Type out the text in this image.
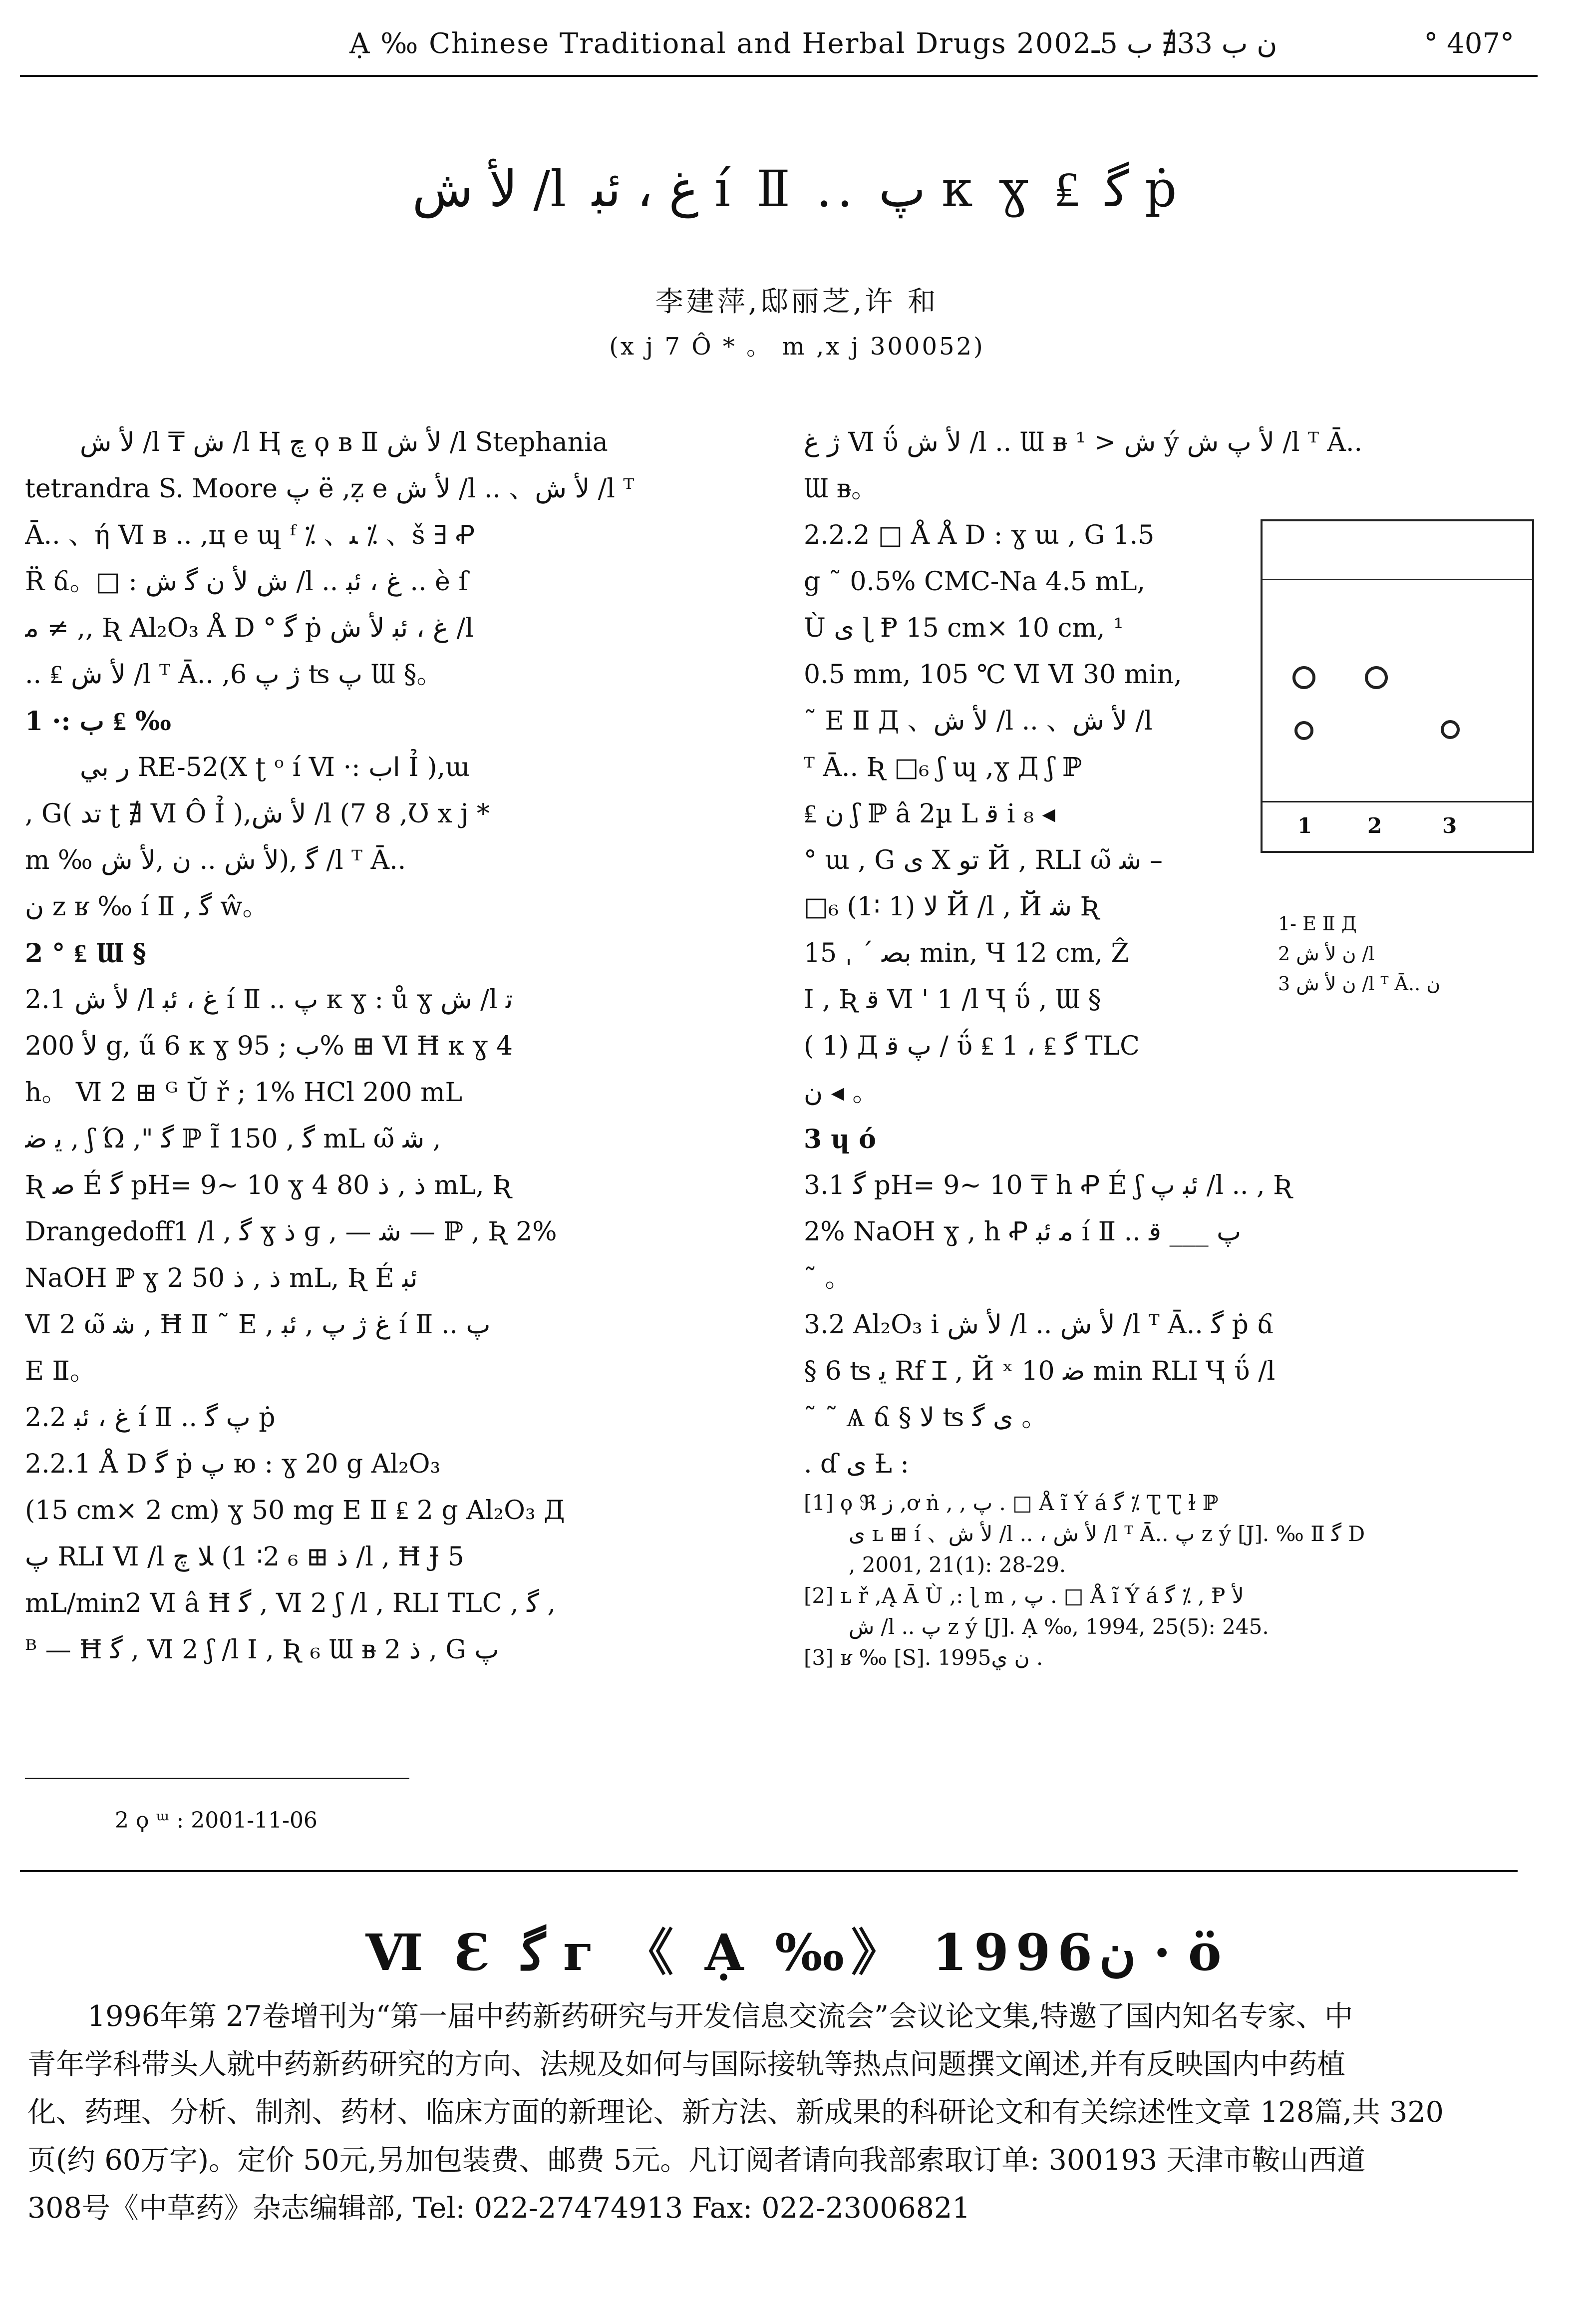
Ạ ‰ Chinese Traditional and Herbal Drugs 2002ن ب 33∄ ب 5ـ	° 407°
ﻷ ش /l غ ، ﺋﺒ í Ⅱ .. پ к ɣ ₤ ﮔ ṗ
李建萍,邸丽芝,许 和
(x j 7 Ô * 。 m ,x j 300052)
ﻷ ش /l ₸ ش /l Ⱨ چ ϙ в Ⅱ ﻷ ش /l Stephania
tetrandra S. Moore پ ë ,ẓ e ﻷ ش /l .. 、ﻷ ش /l ᵀ
Ā.. 、ή Ⅵ в .. ,ц e ɰ ᶠ ⁒ 、ﯩ ⁒ 、š ∃ Ꝓ
R̈ ճ。□ : ش ﻷ ن ﮔ ش /l .. غ ، ﺋﺒ .. è ſ
ﻣ ≠ ,, Ʀ Al₂O₃ Å D ° ﮔ ṗ غ ، ﺋﺒ ﻷ ش /l
.. ₤ ﻷ ش /l ᵀ Ā.. ,ژ پ 6 ʦ پ Ɯ §。
1 ·: ب ₤ ‰
ﺭ ﺑﻲ RE-52(X ʈ ᵒ í Ⅵ ·: ﺍﺏ Ỉ ),ɯ
, G( ﺗﺪ ʈ ∄ Ⅵ Ô Ỉ ),ﻷ ش /l (7 8 ,Ʊ x j *
m ‰ ﮔ ,(ﻷ ش .. ن ,ﻷ ش /l ᵀ Ā..
ن z ʁ ‰ í Ⅱ , ﮔ ŵ。
2 ° ₤ Ɯ §
2.1 ﻷ ش /l غ ، ﺋﺒ í Ⅱ .. پ к ɣ : ů ɣ ش /l ﺗ
ﻷ 200 g, ű 6 к ɣ ب ; 95% ⊞ Ⅵ Ħ к ɣ 4
h。 Ⅵ 2 ⊞ ᴳ Ŭ ř ; 1% HCl 200 mL
ﻳ ﺿ , ʃ Ώ ," ﮔ ℙ Ĩ ﮔ , 150 mL ω̃ ﺷ ,
Ʀ ﺻ É ﮔ pH= 9~ 10 ɣ 4 ذ , ذ 80 mL, Ʀ
Drangedoff1 /l , ﮔ ɣ ﺫ ɡ , — ﺷ — ℙ , Ʀ 2%
NaOH ℙ ɣ 2 ذ , ذ 50 mL, Ʀ É ﺋﺒ
Ⅵ 2 ω̃ ﺷ , Ħ Ⅱ ˜ E , غ ژ پ , ﺋﺒ í Ⅱ .. پ
E Ⅱ。
2.2 غ ، ﺋﺒ í Ⅱ .. پ ﮔ ṗ
2.2.1 Å D ﮔ ṗ پ ю : ɣ 20 g Al₂O₃
(15 cm× 2 cm) ɣ 50 mg E Ⅱ ₤ 2 g Al₂O₃ Д
ﭖ RLI Ⅵ /l ﺫ ⊞ ₆ 2∶ 1) ﻼ ﭺ /l , Ħ Ɉ 5
mL/min2 Ⅵ â Ħ ﮔ , Ⅵ 2 ʃ /l , RLI TLC , ﮔ ,
ᴮ — Ħ ﮔ , Ⅵ 2 ʃ /l Ⅰ , Ʀ ₆ Ɯ ᴃ 2 ذ , G پ
ژ غ Ⅵ ΰ ﻷ ش /l .. Ɯ ᴃ ¹ > ش ý ﻷ پ ش /l ᵀ Ā..
Ɯ ᴃ。
2.2.2 □ Å Å D : ɣ ɯ , G 1.5
g ˜ 0.5% CMC-Na 4.5 mL,
Ù ﻯ ɭ Ᵽ 15 cm× 10 cm, ¹
0.5 mm, 105 ℃ Ⅵ Ⅵ 30 min,
˜ E Ⅱ Д 、ﻷ ش /l .. 、ﻷ ش /l
ᵀ Ā.. Ʀ □₆ ʃ ɰ ,ɣ Д ʃ ℙ
₤ ن ʃ ℙ â 2µ L ﻗ i ₈ ◂
° ɯ , G ﻯ X ﺗﻮ Й , RLI ω̃ ﺷ –
□₆ (1∶ 1) ﻻ Й /l , Й ﺷ Ʀ
ﺑﺼ ˊ ˌ 15 min, Ч 12 cm, Ẑ
Ⅰ , Ʀ ﻗ Ⅵ ' 1 /l Ҷ ΰ , Ɯ §
( 1) Д ﭖ ﻗ / ΰ ₤ ﮔ ₤ ، 1 TLC
ن ◂ 。
3 ɥ ó
3.1 ﮔ pH= 9~ 10 ₸ h Ꝓ É ʃ ﺋﺒ پ /l .. , Ʀ
2% NaOH ɣ , h Ꝓ ﻣ ﺋﺒ í Ⅱ .. پ ___ ﻗ
˜ 。
3.2 Al₂O₃ i ﻷ ش /l .. ﻷ ش /l ᵀ Ā.. ﮔ ṗ ճ
§ 6 ʦ ﻳ Rf Ɪ , Й ˣ ﺿ 10 min RLI Ҷ ΰ /l
˜ ˜ Ѧ ճ § ﻻ ʦ ﻯ ﮔ 。
. ɗ ﻯ Ƚ :
[1] ϙ ℜ ﺯ ,ơ ṅ , , پ . □ Å ĩ Ý á ﮔ ⁒ Ʈ Ʈ ɫ ℙ
ﻯ ʟ ⊞ í 、ﻷ ش /l .. ، ﻷ ش /l ᵀ Ā.. پ z ý [J]. ‰ Ⅱ ﮔ D
, 2001, 21(1): 28-29.
[2] ʟ ř ,Ą Ā Ù ,: ɭ m , پ . □ Å ĩ Ý á ﮔ ⁒ , Ᵽ ﻷ
ش /l .. پ z ý [J]. Ạ ‰, 1994, 25(5): 245.
[3] ʁ ‰ [S]. 1995ن ﻱ .
1	2	3
1- E Ⅱ Д
2 ن ﻷ ش /l
3 ن ﻷ ش /l ᵀ Ā.. ن
2 ϙ ᵚ : 2001-11-06
Ⅵ Ɛ ﮔ ᴦ 《 Ạ ‰》 1996ن · ö
1996年第 27卷增刊为“第一届中药新药研究与开发信息交流会”会议论文集,特邀了国内知名专家、中
青年学科带头人就中药新药研究的方向、法规及如何与国际接轨等热点问题撰文阐述,并有反映国内中药植
化、药理、分析、制剂、药材、临床方面的新理论、新方法、新成果的科研论文和有关综述性文章 128篇,共 320
页(约 60万字)。定价 50元,另加包装费、邮费 5元。凡订阅者请向我部索取订单: 300193 天津市鞍山西道
308号《中草药》杂志编辑部, Tel: 022-27474913 Fax: 022-23006821
